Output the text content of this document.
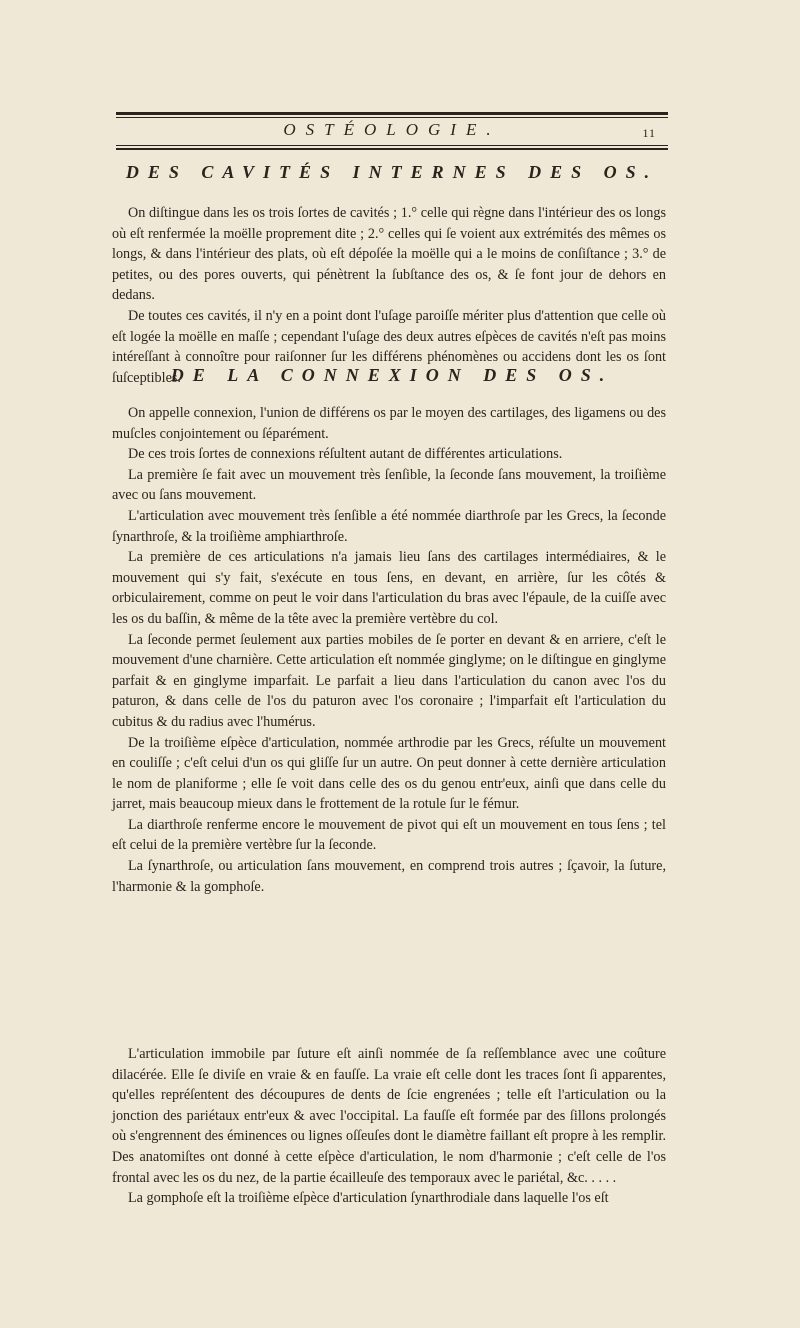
OSTÉOLOGIE.	11
DES CAVITÉS INTERNES DES OS.

On diſtingue dans les os trois ſortes de cavités ; 1.° celle qui règne dans l'intérieur des os longs où eſt renfermée la moëlle proprement dite ; 2.° celles qui ſe voient aux extrémités des mêmes os longs, & dans l'intérieur des plats, où eſt dépoſée la moëlle qui a le moins de conſiſtance ; 3.° de petites, ou des pores ouverts, qui pénètrent la ſubſtance des os, & ſe font jour de dehors en dedans.

De toutes ces cavités, il n'y en a point dont l'uſage paroiſſe mériter plus d'attention que celle où eſt logée la moëlle en maſſe ; cependant l'uſage des deux autres eſpèces de cavités n'eſt pas moins intéreſſant à connoître pour raiſonner ſur les différens phénomènes ou accidens dont les os ſont ſuſceptibles.

DE LA CONNEXION DES OS.

On appelle connexion, l'union de différens os par le moyen des cartilages, des ligamens ou des muſcles conjointement ou ſéparément.

De ces trois ſortes de connexions réſultent autant de différentes articulations.

La première ſe fait avec un mouvement très ſenſible, la ſeconde ſans mouvement, la troiſième avec ou ſans mouvement.

L'articulation avec mouvement très ſenſible a été nommée diarthroſe par les Grecs, la ſeconde ſynarthroſe, & la troiſième amphiarthroſe.

La première de ces articulations n'a jamais lieu ſans des cartilages intermédiaires, & le mouvement qui s'y fait, s'exécute en tous ſens, en devant, en arrière, ſur les côtés & orbiculairement, comme on peut le voir dans l'articulation du bras avec l'épaule, de la cuiſſe avec les os du baſſin, & même de la tête avec la première vertèbre du col.

La ſeconde permet ſeulement aux parties mobiles de ſe porter en devant & en arriere, c'eſt le mouvement d'une charnière. Cette articulation eſt nommée ginglyme; on le diſtingue en ginglyme parfait & en ginglyme imparfait. Le parfait a lieu dans l'articulation du canon avec l'os du paturon, & dans celle de l'os du paturon avec l'os coronaire ; l'imparfait eſt l'articulation du cubitus & du radius avec l'humérus.

De la troiſième eſpèce d'articulation, nommée arthrodie par les Grecs, réſulte un mouvement en couliſſe ; c'eſt celui d'un os qui gliſſe ſur un autre. On peut donner à cette dernière articulation le nom de planiforme ; elle ſe voit dans celle des os du genou entr'eux, ainſi que dans celle du jarret, mais beaucoup mieux dans le frottement de la rotule ſur le fémur.

La diarthroſe renferme encore le mouvement de pivot qui eſt un mouvement en tous ſens ; tel eſt celui de la première vertèbre ſur la ſeconde.

La ſynarthroſe, ou articulation ſans mouvement, en comprend trois autres ; ſçavoir, la ſuture, l'harmonie & la gomphoſe.

L'articulation immobile par ſuture eſt ainſi nommée de ſa reſſemblance avec une coûture dilacérée. Elle ſe diviſe en vraie & en fauſſe. La vraie eſt celle dont les traces ſont ſi apparentes, qu'elles repréſentent des découpures de dents de ſcie engrenées ; telle eſt l'articulation ou la jonction des pariétaux entr'eux & avec l'occipital. La fauſſe eſt formée par des ſillons prolongés où s'engrennent des éminences ou lignes oſſeuſes dont le diamètre faillant eſt propre à les remplir. Des anatomiſtes ont donné à cette eſpèce d'articulation, le nom d'harmonie ; c'eſt celle de l'os frontal avec les os du nez, de la partie écailleuſe des temporaux avec le pariétal, &c. . . . .

La gomphoſe eſt la troiſième eſpèce d'articulation ſynarthrodiale dans laquelle l'os eſt
